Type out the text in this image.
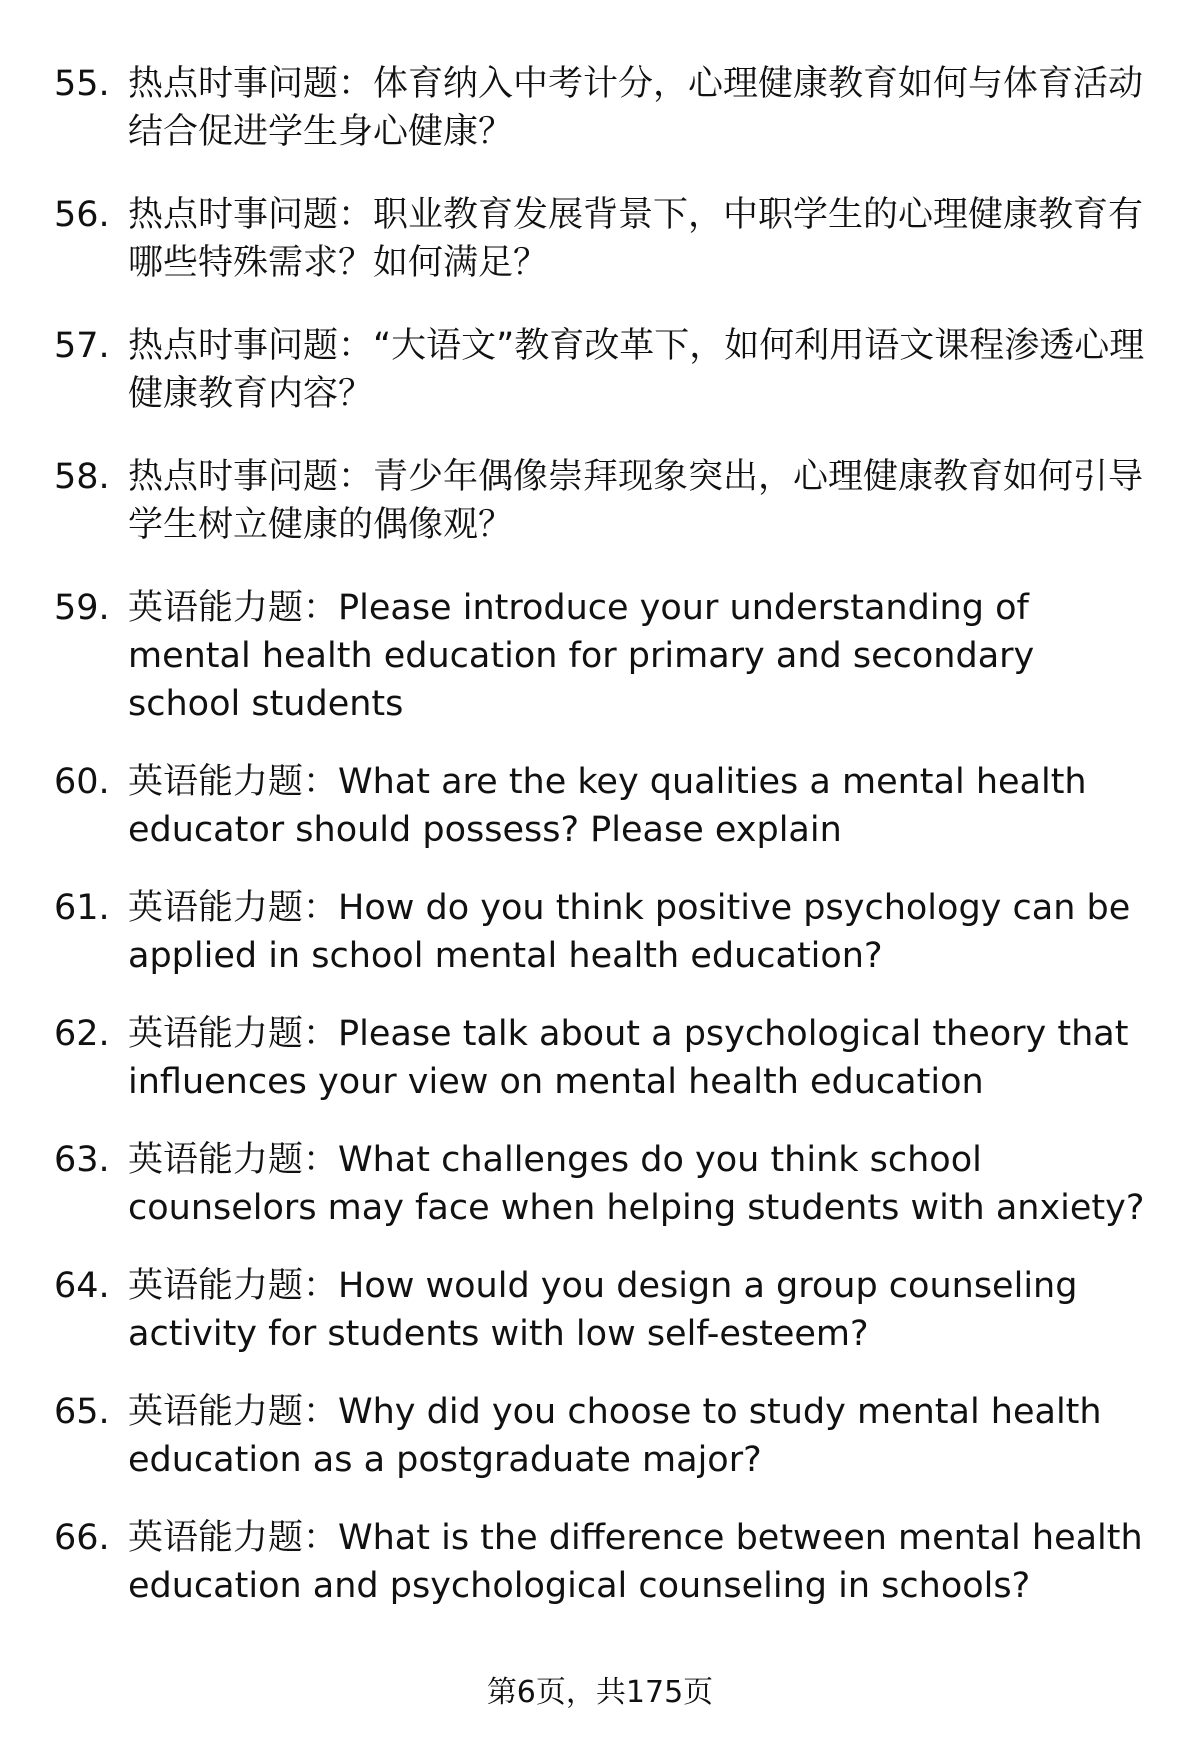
55. 热点时事问题：体育纳入中考计分，心理健康教育如何与体育活动结合促进学生身心健康？
56. 热点时事问题：职业教育发展背景下，中职学生的心理健康教育有哪些特殊需求？如何满足？
57. 热点时事问题：“大语文”教育改革下，如何利用语文课程渗透心理健康教育内容？
58. 热点时事问题：青少年偶像崇拜现象突出，心理健康教育如何引导学生树立健康的偶像观？
59. 英语能力题：Please introduce your understanding of mental health education for primary and secondary school students
60. 英语能力题：What are the key qualities a mental health educator should possess? Please explain
61. 英语能力题：How do you think positive psychology can be applied in school mental health education?
62. 英语能力题：Please talk about a psychological theory that influences your view on mental health education
63. 英语能力题：What challenges do you think school counselors may face when helping students with anxiety?
64. 英语能力题：How would you design a group counseling activity for students with low self-esteem?
65. 英语能力题：Why did you choose to study mental health education as a postgraduate major?
66. 英语能力题：What is the difference between mental health education and psychological counseling in schools?
第6页，共175页
